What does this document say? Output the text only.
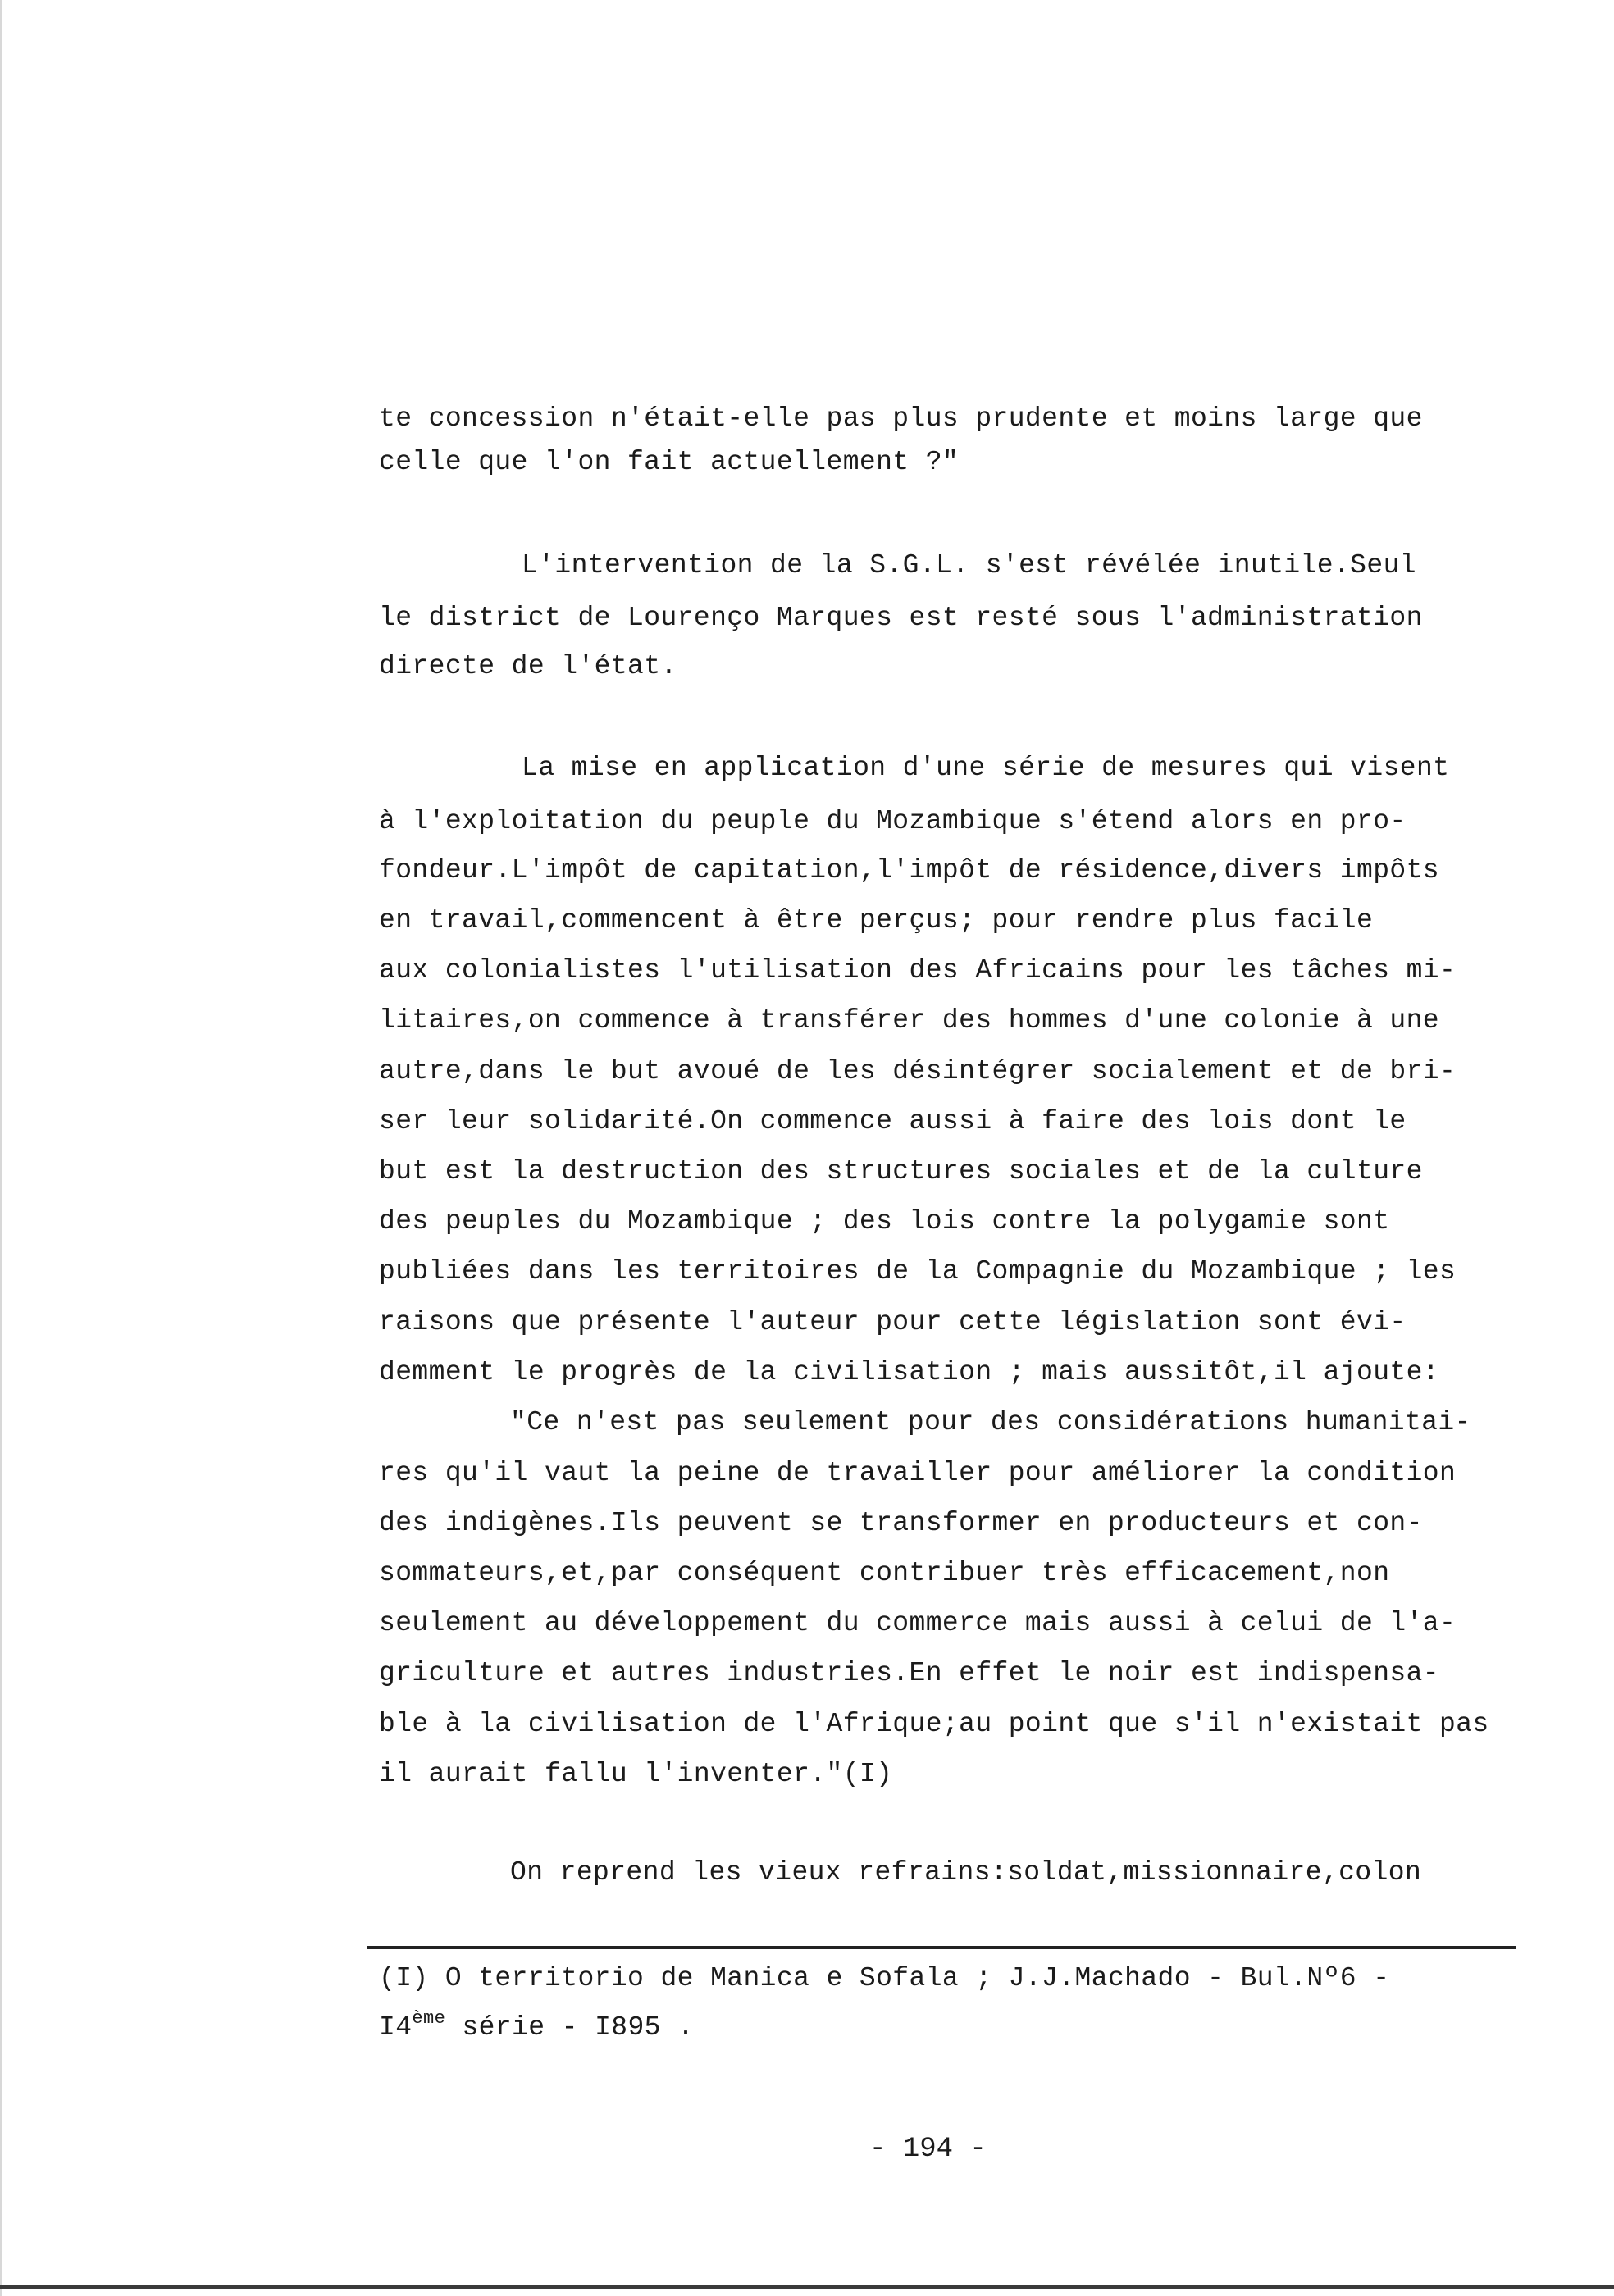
te concession n'était-elle pas plus prudente et moins large que
celle que l'on fait actuellement ?"
L'intervention de la S.G.L. s'est révélée inutile.Seul
le district de Lourenço Marques est resté sous l'administration
directe de l'état.
La mise en application d'une série de mesures qui visent
à l'exploitation du peuple du Mozambique s'étend alors en pro-
fondeur.L'impôt de capitation,l'impôt de résidence,divers impôts
en travail,commencent à être perçus; pour rendre plus facile
aux colonialistes l'utilisation des Africains pour les tâches mi-
litaires,on commence à transférer des hommes d'une colonie à une
autre,dans le but avoué de les désintégrer socialement et de bri-
ser leur solidarité.On commence aussi à faire des lois dont le
but est la destruction des structures sociales et de la culture
des peuples du Mozambique ; des lois contre la polygamie sont
publiées dans les territoires de la Compagnie du Mozambique ; les
raisons que présente l'auteur pour cette législation sont évi-
demment le progrès de la civilisation ; mais aussitôt,il ajoute:
"Ce n'est pas seulement pour des considérations humanitai-
res qu'il vaut la peine de travailler pour améliorer la condition
des indigènes.Ils peuvent se transformer en producteurs et con-
sommateurs,et,par conséquent contribuer très efficacement,non
seulement au développement du commerce mais aussi à celui de l'a-
griculture et autres industries.En effet le noir est indispensa-
ble à la civilisation de l'Afrique;au point que s'il n'existait pas
il aurait fallu l'inventer."(I)
On reprend les vieux refrains:soldat,missionnaire,colon
(I) O territorio de Manica e Sofala ; J.J.Machado - Bul.Nº6 -
I4ème série - I895 .
- 194 -
